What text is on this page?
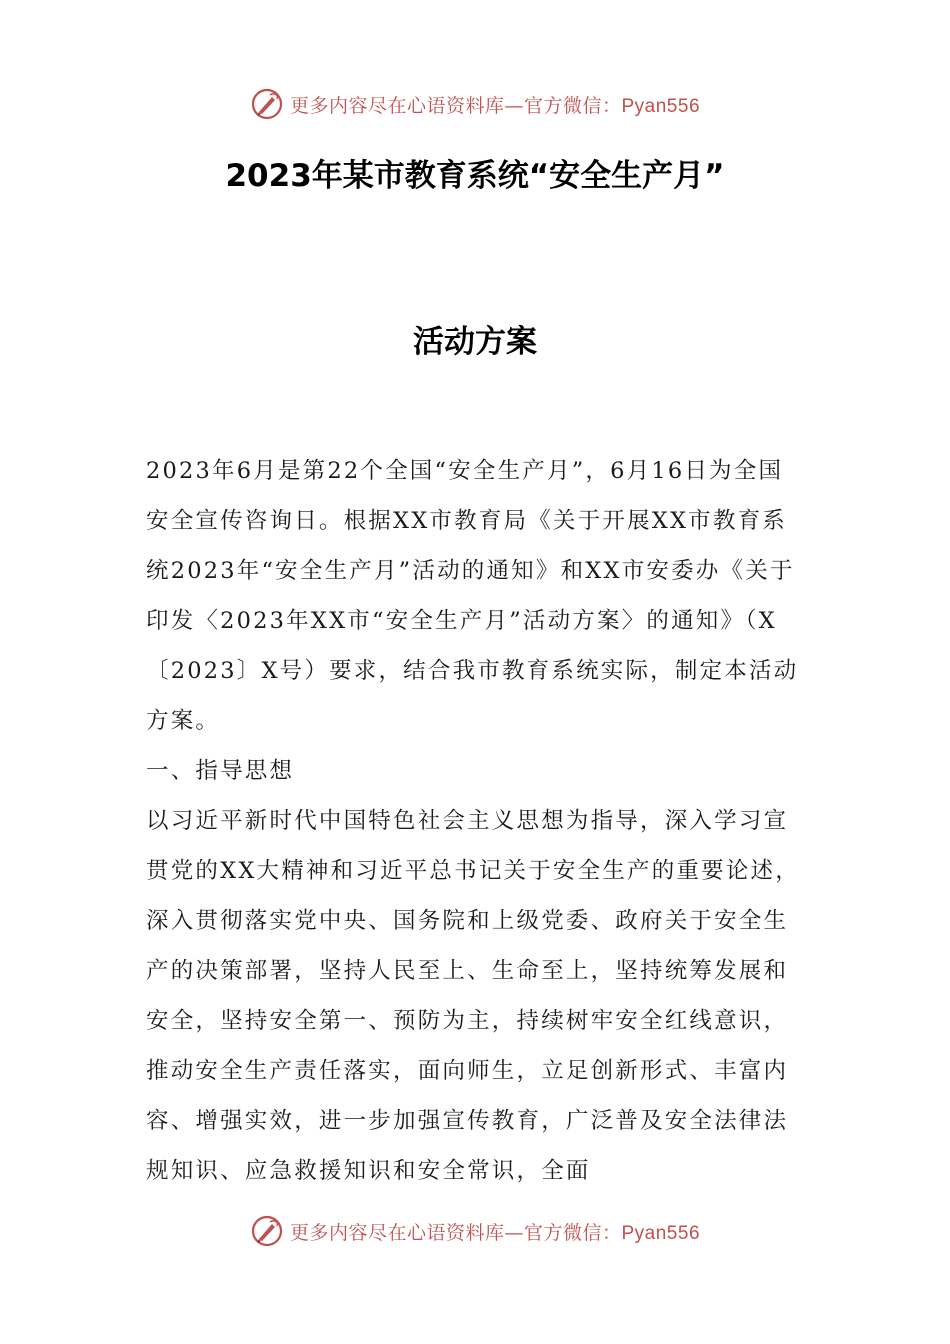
更多内容尽在心语资料库—官方微信：Pyan556
2023年某市教育系统“安全生产月”
活动方案

2023年6月是第22个全国“安全生产月”，6月16日为全国安全宣传咨询日。根据XX市教育局《关于开展XX市教育系统2023年“安全生产月”活动的通知》和XX市安委办《关于印发〈2023年XX市“安全生产月”活动方案〉的通知》（X〔2023〕X号）要求，结合我市教育系统实际，制定本活动方案。

一、指导思想

以习近平新时代中国特色社会主义思想为指导，深入学习宣贯党的XX大精神和习近平总书记关于安全生产的重要论述，深入贯彻落实党中央、国务院和上级党委、政府关于安全生产的决策部署，坚持人民至上、生命至上，坚持统筹发展和安全，坚持安全第一、预防为主，持续树牢安全红线意识，推动安全生产责任落实，面向师生，立足创新形式、丰富内容、增强实效，进一步加强宣传教育，广泛普及安全法律法规知识、应急救援知识和安全常识，全面

更多内容尽在心语资料库—官方微信：Pyan556
